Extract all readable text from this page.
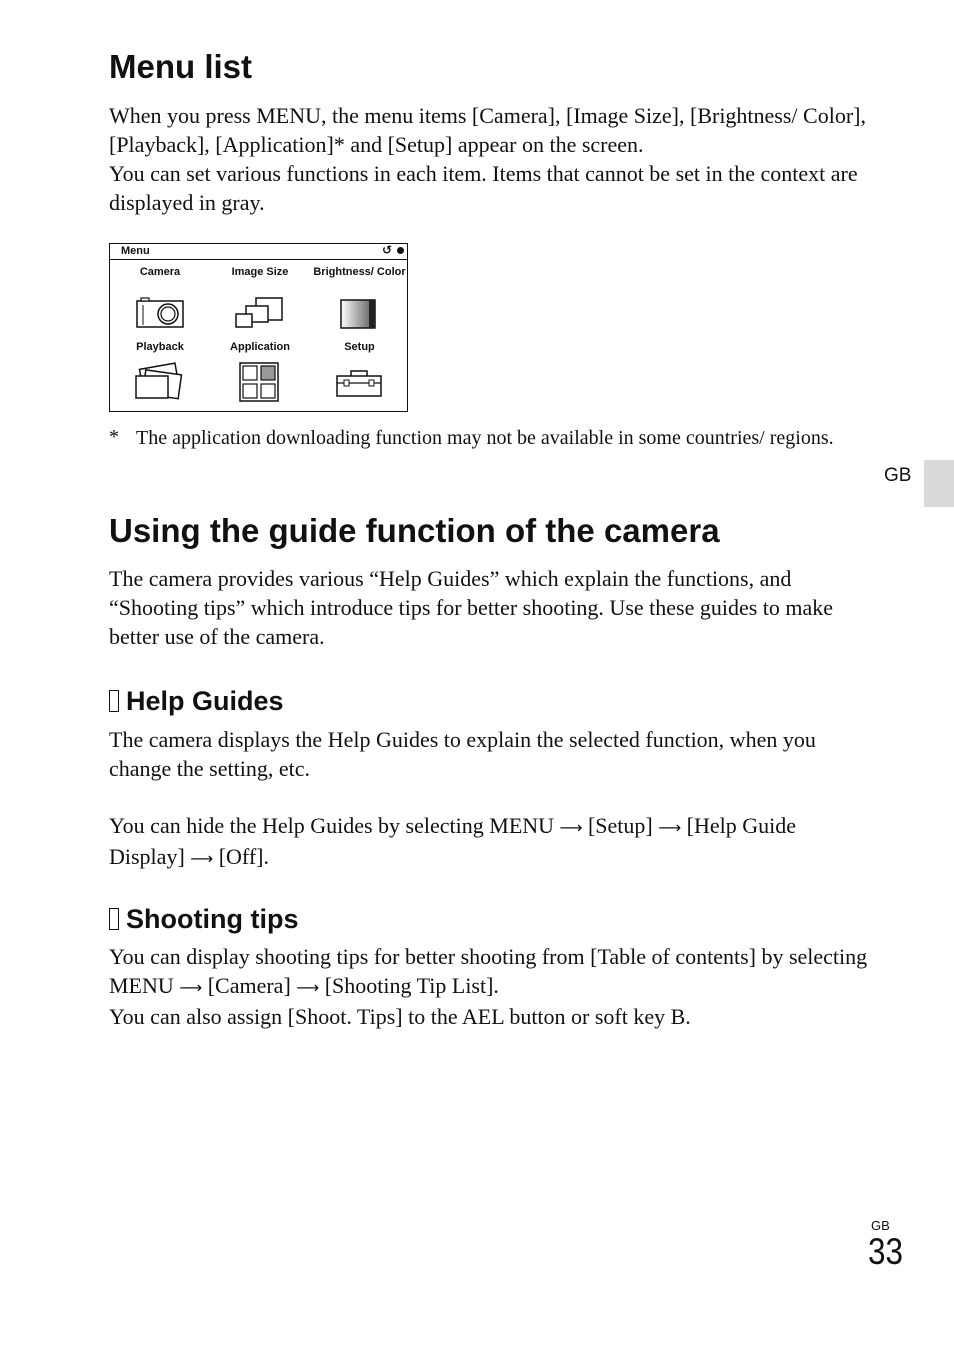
Menu list

When you press MENU, the menu items [Camera], [Image Size], [Brightness/ Color], [Playback], [Application]* and [Setup] appear on the screen.
You can set various functions in each item. Items that cannot be set in the context are displayed in gray.

Menu	↺
Camera	Image Size	Brightness/ Color
Playback	Application	Setup
* The application downloading function may not be available in some countries/ regions.
GB
Using the guide function of the camera

The camera provides various “Help Guides” which explain the functions, and “Shooting tips” which introduce tips for better shooting. Use these guides to make better use of the camera.

Help Guides

The camera displays the Help Guides to explain the selected function, when you change the setting, etc.

You can hide the Help Guides by selecting MENU ⟶ [Setup] ⟶ [Help Guide Display] ⟶ [Off].

Shooting tips

You can display shooting tips for better shooting from [Table of contents] by selecting MENU ⟶ [Camera] ⟶ [Shooting Tip List].
You can also assign [Shoot. Tips] to the AEL button or soft key B.

GB
33
